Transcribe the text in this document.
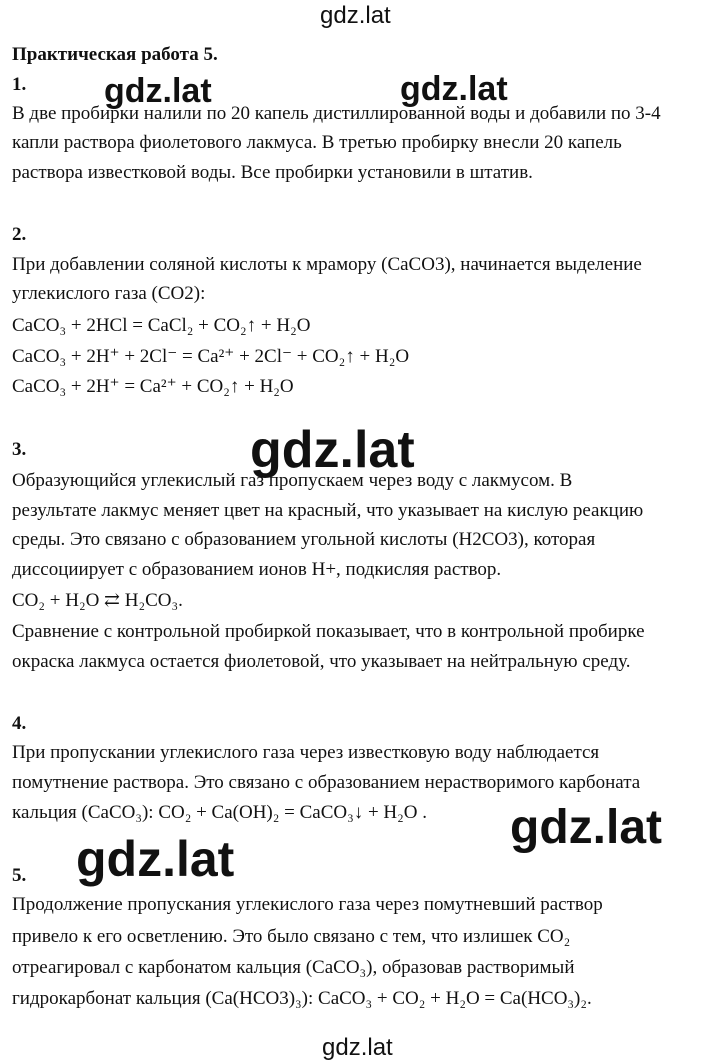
gdz.lat
gdz.lat	gdz.lat
gdz.lat
gdz.lat
gdz.lat
gdz.lat
Практическая работа 5.
1.
В две пробирки налили по 20 капель дистиллированной воды и добавили по 3-4
капли раствора фиолетового лакмуса. В третью пробирку внесли 20 капель
раствора известковой воды. Все пробирки установили в штатив.
2.
При добавлении соляной кислоты к мрамору (CaCO3), начинается выделение
углекислого газа (CO2):
CaCO₃ + 2HCl = CaCl₂ + CO₂↑ + H₂O
CaCO₃ + 2H⁺ + 2Cl⁻ = Ca²⁺ + 2Cl⁻ + CO₂↑ + H₂O
CaCO₃ + 2H⁺ = Ca²⁺ + CO₂↑ + H₂O
3.
Образующийся углекислый газ пропускаем через воду с лакмусом. В
результате лакмус меняет цвет на красный, что указывает на кислую реакцию
среды. Это связано с образованием угольной кислоты (H2CO3), которая
диссоциирует с образованием ионов H+, подкисляя раствор.
CO₂ + H₂O ⇄ H₂CO₃.
Сравнение с контрольной пробиркой показывает, что в контрольной пробирке
окраска лакмуса остается фиолетовой, что указывает на нейтральную среду.
4.
При пропускании углекислого газа через известковую воду наблюдается
помутнение раствора. Это связано с образованием нерастворимого карбоната
кальция (CaCO₃): CO₂ + Ca(OH)₂ = CaCO₃↓ + H₂O .
5.
Продолжение пропускания углекислого газа через помутневший раствор
привело к его осветлению. Это было связано с тем, что излишек CO₂
отреагировал с карбонатом кальция (CaCO₃), образовав растворимый
гидрокарбонат кальция (Ca(HCO3)₃): CaCO₃ + CO₂ + H₂O = Ca(HCO₃)₂.
